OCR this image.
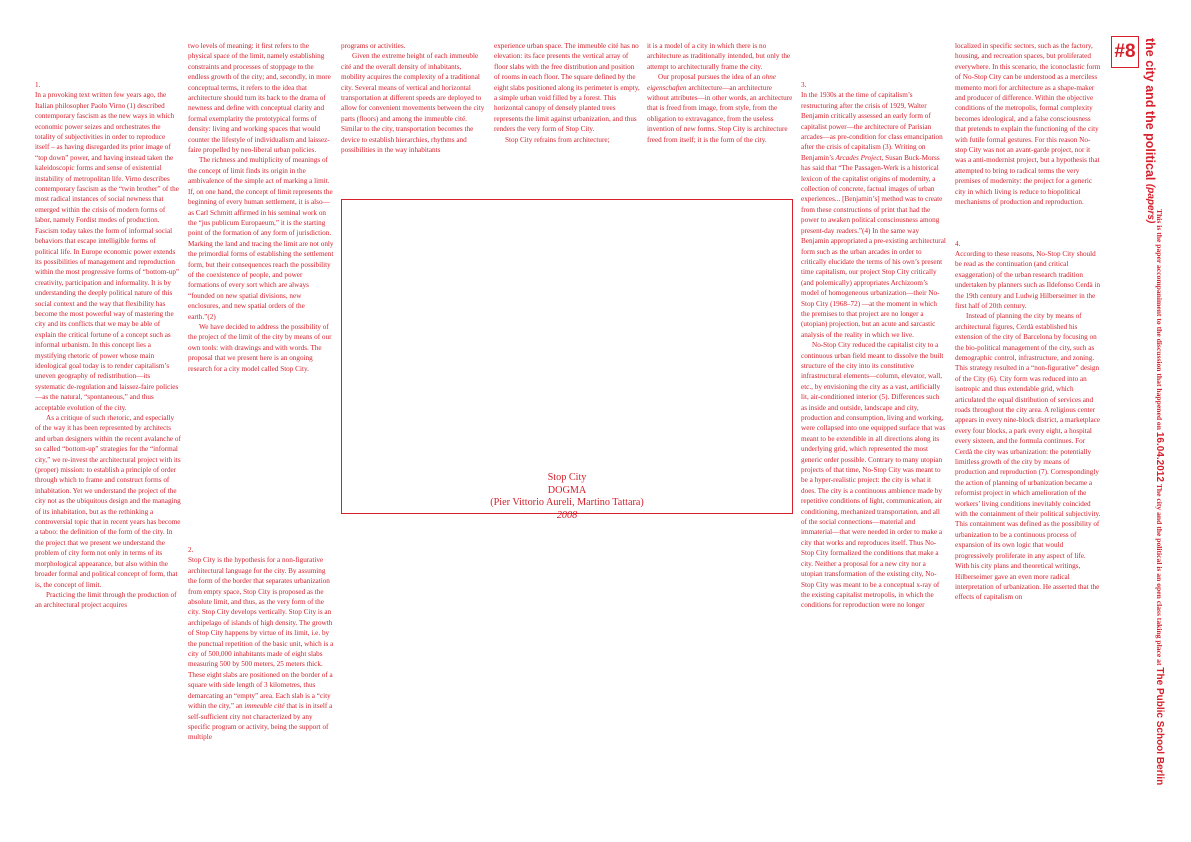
1.

In a provoking text written few years ago, the Italian philosopher Paolo Virno (1) described contemporary fascism as the new ways in which economic power seizes and orchestrates the totality of subjectivities in order to reproduce itself – as having disregarded its prior image of “top down” power, and having instead taken the kaleidoscopic forms and sense of existential instability of metropolitan life. Virno describes contemporary fascism as the “twin brother” of the most radical instances of social newness that emerged within the crisis of modern forms of labor, namely Fordist modes of production. Fascism today takes the form of informal social behaviors that escape intelligible forms of political life. In Europe economic power extends its possibilities of management and reproduction within the most progressive forms of “bottom-up” creativity, participation and informality. It is by understanding the deeply political nature of this social context and the way that flexibility has become the most powerful way of mastering the city and its conflicts that we may be able of explain the critical fortune of a concept such as informal urbanism. In this concept lies a mystifying rhetoric of power whose main ideological goal today is to render capitalism’s uneven geography of redistribution—its systematic de-regulation and laissez-faire policies—as the natural, “spontaneous,” and thus acceptable evolution of the city.

As a critique of such rhetoric, and especially of the way it has been represented by architects and urban designers within the recent avalanche of so called “bottom-up” strategies for the “informal city,” we re-invest the architectural project with its (proper) mission: to establish a principle of order through which to frame and construct forms of inhabitation. Yet we understand the project of the city not as the ubiquitous design and the managing of its inhabitation, but as the rethinking a controversial topic that in recent years has become a taboo: the definition of the form of the city. In the project that we present we understand the problem of city form not only in terms of its morphological appearance, but also within the broader formal and political concept of form, that is, the concept of limit.

Practicing the limit through the production of an architectural project acquires

two levels of meaning: it first refers to the physical space of the limit, namely establishing constraints and processes of stoppage to the endless growth of the city; and, secondly, in more conceptual terms, it refers to the idea that architecture should turn its back to the drama of newness and define with conceptual clarity and formal exemplarity the prototypical forms of density: living and working spaces that would counter the lifestyle of individualism and laissez-faire propelled by neo-liberal urban policies.

The richness and multiplicity of meanings of the concept of limit finds its origin in the ambivalence of the simple act of marking a limit. If, on one hand, the concept of limit represents the beginning of every human settlement, it is also—as Carl Schmitt affirmed in his seminal work on the “jus publicum Europaeum,” it is the starting point of the formation of any form of jurisdiction. Marking the land and tracing the limit are not only the primordial forms of establishing the settlement form, but their consequences reach the possibility of the coexistence of people, and power formations of every sort which are always “founded on new spatial divisions, new enclosures, and new spatial orders of the earth.”(2)

We have decided to address the possibility of the project of the limit of the city by means of our own tools: with drawings and with words. The proposal that we present here is an ongoing research for a city model called Stop City.

2.

Stop City is the hypothesis for a non-figurative architectural language for the city. By assuming the form of the border that separates urbanization from empty space, Stop City is proposed as the absolute limit, and thus, as the very form of the city. Stop City develops vertically. Stop City is an archipelago of islands of high density. The growth of Stop City happens by virtue of its limit, i.e. by the punctual repetition of the basic unit, which is a city of 500,000 inhabitants made of eight slabs measuring 500 by 500 meters, 25 meters thick. These eight slabs are positioned on the border of a square with side length of 3 kilometres, thus demarcating an “empty” area. Each slab is a “city within the city,” an immeuble cité that is in itself a self-sufficient city not characterized by any specific program or activity, being the support of multiple

programs or activities.

Given the extreme height of each immeuble cité and the overall density of inhabitants, mobility acquires the complexity of a traditional city. Several means of vertical and horizontal transportation at different speeds are deployed to allow for convenient movements between the city parts (floors) and among the immeuble cité. Similar to the city, transportation becomes the device to establish hierarchies, rhythms and possibilities in the way inhabitants

experience urban space. The immeuble cité has no elevation: its face presents the vertical array of floor slabs with the free distribution and position of rooms in each floor. The square defined by the eight slabs positioned along its perimeter is empty, a simple urban void filled by a forest. This horizontal canopy of densely planted trees represents the limit against urbanization, and thus renders the very form of Stop City.

Stop City refrains from architecture;

it is a model of a city in which there is no architecture as traditionally intended, but only the attempt to architecturally frame the city.

Our proposal pursues the idea of an ohne eigenschaften architecture—an architecture without attributes—in other words, an architecture that is freed from image, from style, from the obligation to extravagance, from the useless invention of new forms. Stop City is architecture freed from itself; it is the form of the city.

Stop City
DOGMA
(Pier Vittorio Aureli, Martino Tattara)
2008

3.

In the 1930s at the time of capitalism’s restructuring after the crisis of 1929, Walter Benjamin critically assessed an early form of capitalist power—the architecture of Parisian arcades—as pre-condition for class emancipation after the crisis of capitalism (3). Writing on Benjamin’s Arcades Project, Susan Buck-Morss has said that “The Passagen-Werk is a historical lexicon of the capitalist origins of modernity, a collection of concrete, factual images of urban experiences... [Benjamin’s] method was to create from these constructions of print that had the power to awaken political consciousness among present-day readers.”(4) In the same way Benjamin appropriated a pre-existing architectural form such as the urban arcades in order to critically elucidate the terms of his own’s present time capitalism, our project Stop City critically (and polemically) appropriates Archizoom’s model of homogeneous urbanization—their No-Stop City (1968–72) —at the moment in which the premises to that project are no longer a (utopian) projection, but an acute and sarcastic analysis of the reality in which we live.

No-Stop City reduced the capitalist city to a continuous urban field meant to dissolve the built structure of the city into its constitutive infrastructural elements—column, elevator, wall, etc., by envisioning the city as a vast, artificially lit, air-conditioned interior (5). Differences such as inside and outside, landscape and city, production and consumption, living and working, were collapsed into one equipped surface that was meant to be extendible in all directions along its underlying grid, which represented the most generic order possible. Contrary to many utopian projects of that time, No-Stop City was meant to be a hyper-realistic project: the city is what it does. The city is a continuous ambience made by repetitive conditions of light, communication, air conditioning, mechanized transportation, and all of the social connections—material and immaterial—that were needed in order to make a city that works and reproduces itself. Thus No-Stop City formalized the conditions that make a city. Neither a proposal for a new city nor a utopian transformation of the existing city, No-Stop City was meant to be a conceptual x-ray of the existing capitalist metropolis, in which the conditions for reproduction were no longer

localized in specific sectors, such as the factory, housing, and recreation spaces, but proliferated everywhere. In this scenario, the iconoclastic form of No-Stop City can be understood as a merciless memento mori for architecture as a shape-maker and producer of difference. Within the objective conditions of the metropolis, formal complexity becomes ideological, and a false consciousness that pretends to explain the functioning of the city with futile formal gestures. For this reason No-stop City was not an avant-garde project, nor it was a anti-modernist project, but a hypothesis that attempted to bring to radical terms the very premises of modernity: the project for a generic city in which living is reduce to biopolitical mechanisms of production and reproduction.

4.

According to these reasons, No-Stop City should be read as the continuation (and critical exaggeration) of the urban research tradition undertaken by planners such as Ildefonso Cerdà in the 19th century and Ludwig Hilberseimer in the first half of 20th century.

Instead of planning the city by means of architectural figures, Cerdà established his extension of the city of Barcelona by focusing on the bio-political management of the city, such as demographic control, infrastructure, and zoning. This strategy resulted in a “non-figurative” design of the City (6). City form was reduced into an isotropic and thus extendable grid, which articulated the equal distribution of services and roads throughout the city area. A religious center appears in every nine-block district, a marketplace every four blocks, a park every eight, a hospital every sixteen, and the formula continues. For Cerdà the city was urbanization: the potentially limitless growth of the city by means of production and reproduction (7). Correspondingly the action of planning of urbanization became a reformist project in which amelioration of the workers’ living conditions inevitably coincided with the containment of their political subjectivity. This containment was defined as the possibility of urbanization to be a continuous process of expansion of its own logic that would progressively proliferate in any aspect of life. With his city plans and theoretical writings, Hilberseimer gave an even more radical interpretation of urbanization. He asserted that the effects of capitalism on

#8 the city and the political (papers)
This is the paper accompaniment to the discussion that happened on 16.04.2012 The city and the political is an open class taking place at The Public School Berlin
